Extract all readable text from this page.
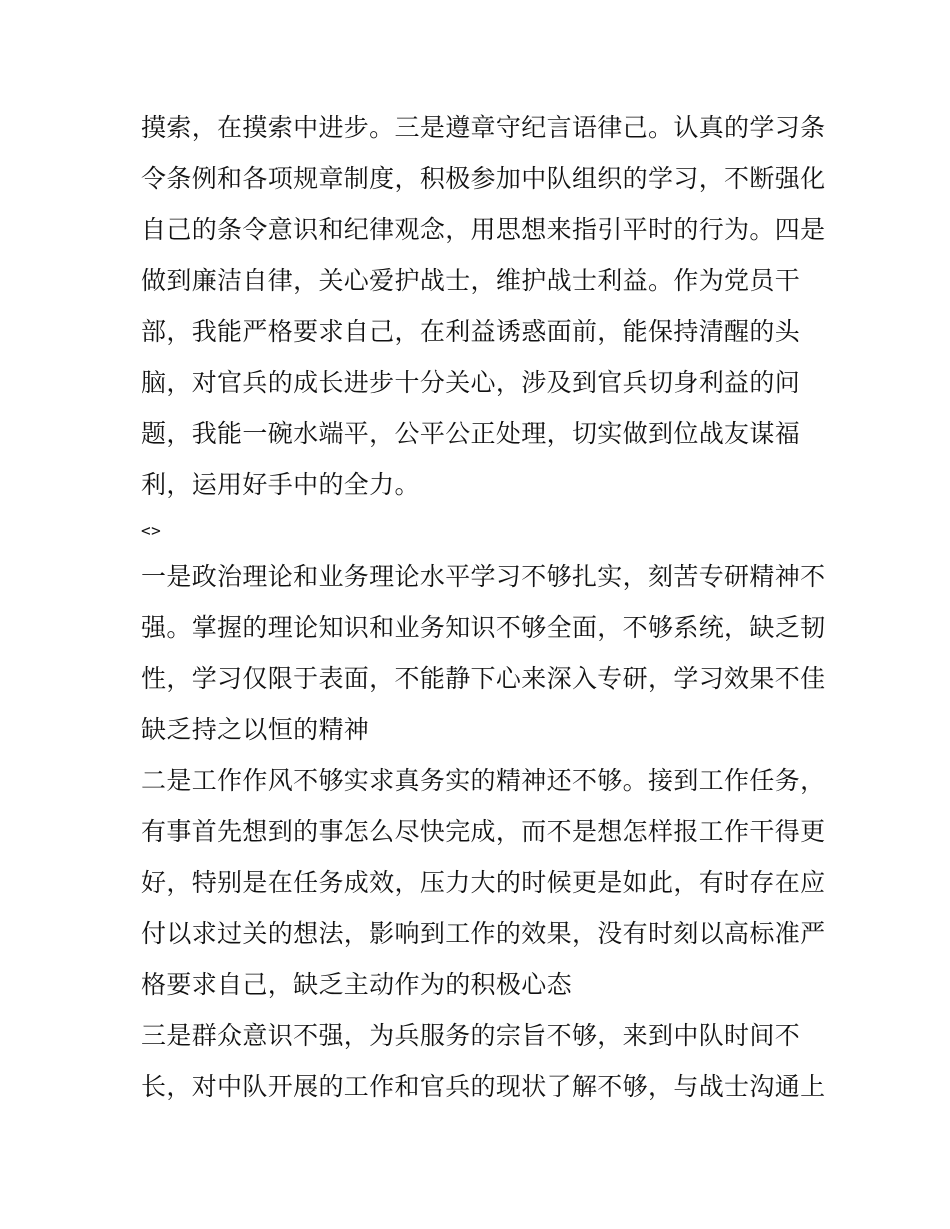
摸索，在摸索中进步。三是遵章守纪言语律己。认真的学习条
令条例和各项规章制度，积极参加中队组织的学习，不断强化
自己的条令意识和纪律观念，用思想来指引平时的行为。四是
做到廉洁自律，关心爱护战士，维护战士利益。作为党员干
部，我能严格要求自己，在利益诱惑面前，能保持清醒的头
脑，对官兵的成长进步十分关心，涉及到官兵切身利益的问
题，我能一碗水端平，公平公正处理，切实做到位战友谋福
利，运用好手中的全力。
<>
一是政治理论和业务理论水平学习不够扎实，刻苦专研精神不
强。掌握的理论知识和业务知识不够全面，不够系统，缺乏韧
性，学习仅限于表面，不能静下心来深入专研，学习效果不佳
缺乏持之以恒的精神
二是工作作风不够实求真务实的精神还不够。接到工作任务，
有事首先想到的事怎么尽快完成，而不是想怎样报工作干得更
好，特别是在任务成效，压力大的时候更是如此，有时存在应
付以求过关的想法，影响到工作的效果，没有时刻以高标准严
格要求自己，缺乏主动作为的积极心态
三是群众意识不强，为兵服务的宗旨不够，来到中队时间不
长，对中队开展的工作和官兵的现状了解不够，与战士沟通上
